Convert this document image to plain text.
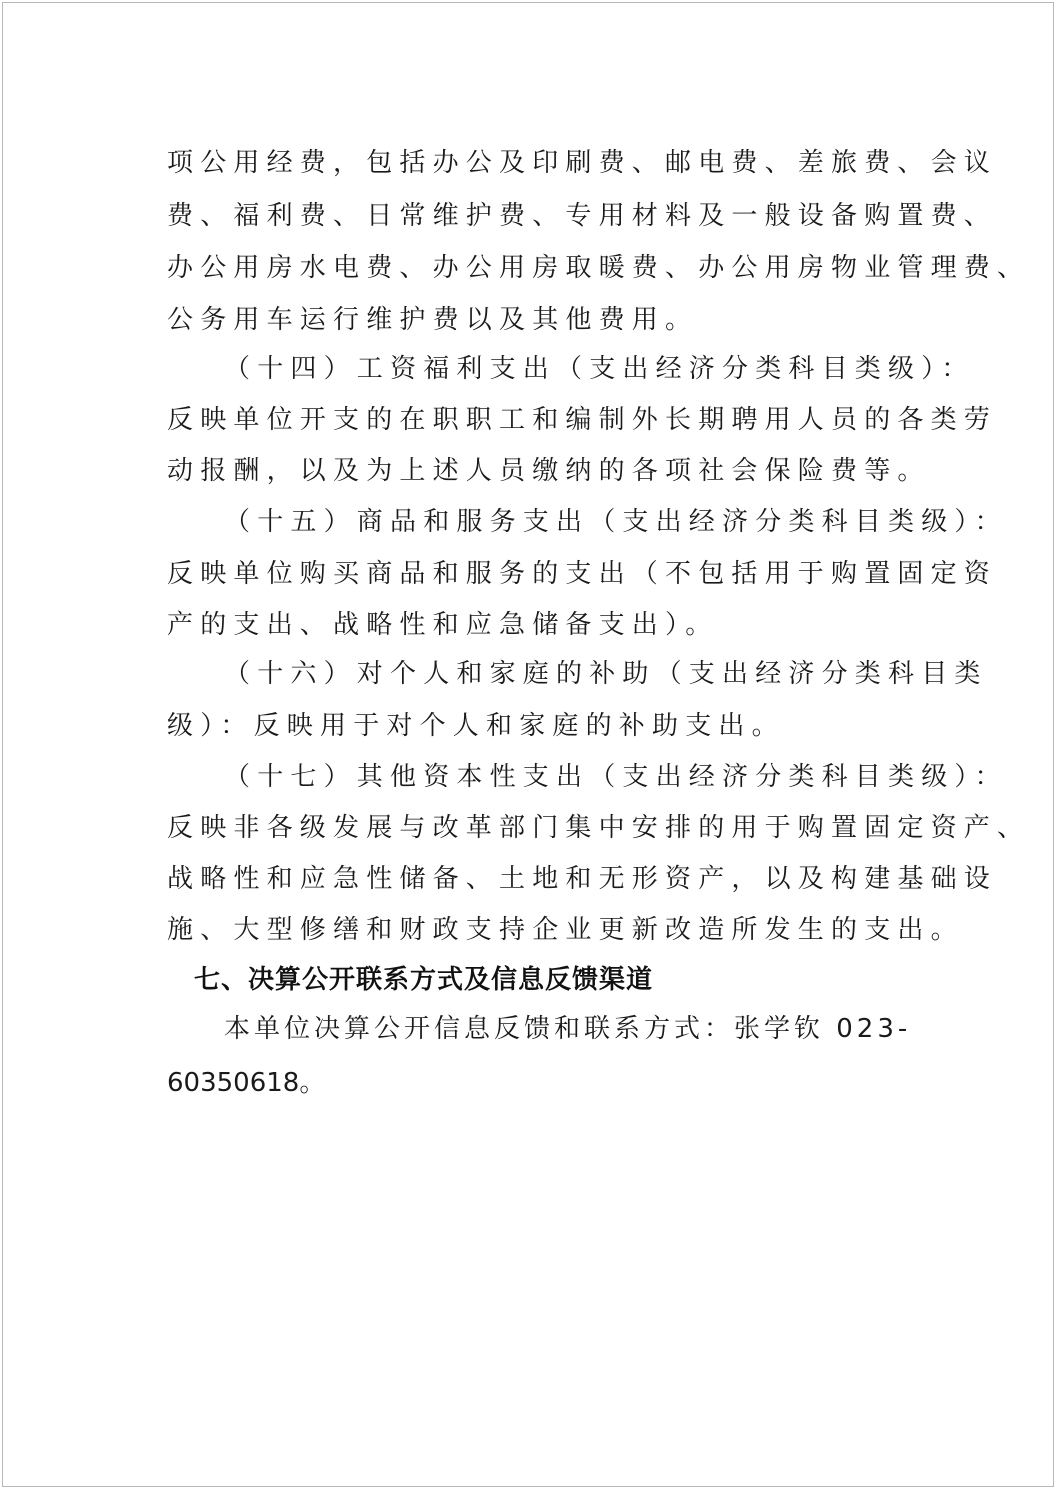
项公用经费，包括办公及印刷费、邮电费、差旅费、会议
费、福利费、日常维护费、专用材料及一般设备购置费、
办公用房水电费、办公用房取暖费、办公用房物业管理费、
公务用车运行维护费以及其他费用。
（十四）工资福利支出（支出经济分类科目类级）：
反映单位开支的在职职工和编制外长期聘用人员的各类劳
动报酬，以及为上述人员缴纳的各项社会保险费等。
（十五）商品和服务支出（支出经济分类科目类级）：
反映单位购买商品和服务的支出（不包括用于购置固定资
产的支出、战略性和应急储备支出）。
（十六）对个人和家庭的补助（支出经济分类科目类
级）：反映用于对个人和家庭的补助支出。
（十七）其他资本性支出（支出经济分类科目类级）：
反映非各级发展与改革部门集中安排的用于购置固定资产、
战略性和应急性储备、土地和无形资产，以及构建基础设
施、大型修缮和财政支持企业更新改造所发生的支出。
七、决算公开联系方式及信息反馈渠道
本单位决算公开信息反馈和联系方式：张学钦 023-
60350618。
